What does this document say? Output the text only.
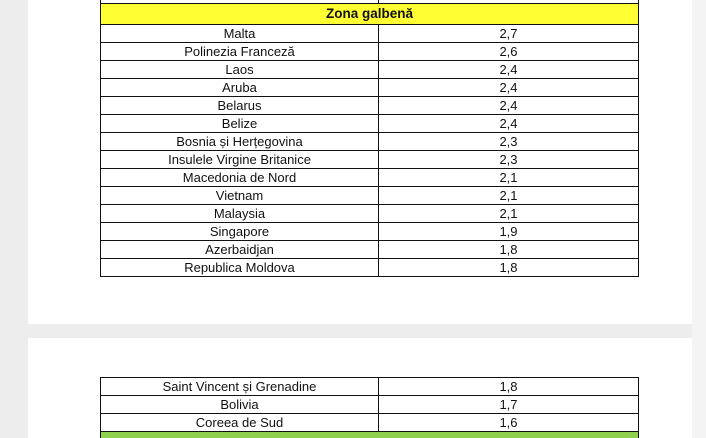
Zona galbenă	
Malta	2,7
Polinezia Franceză	2,6
Laos	2,4
Aruba	2,4
Belarus	2,4
Belize	2,4
Bosnia și Herțegovina	2,3
Insulele Virgine Britanice	2,3
Macedonia de Nord	2,1
Vietnam	2,1
Malaysia	2,1
Singapore	1,9
Azerbaidjan	1,8
Republica Moldova	1,8
Saint Vincent și Grenadine	1,8
Bolivia	1,7
Coreea de Sud	1,6
